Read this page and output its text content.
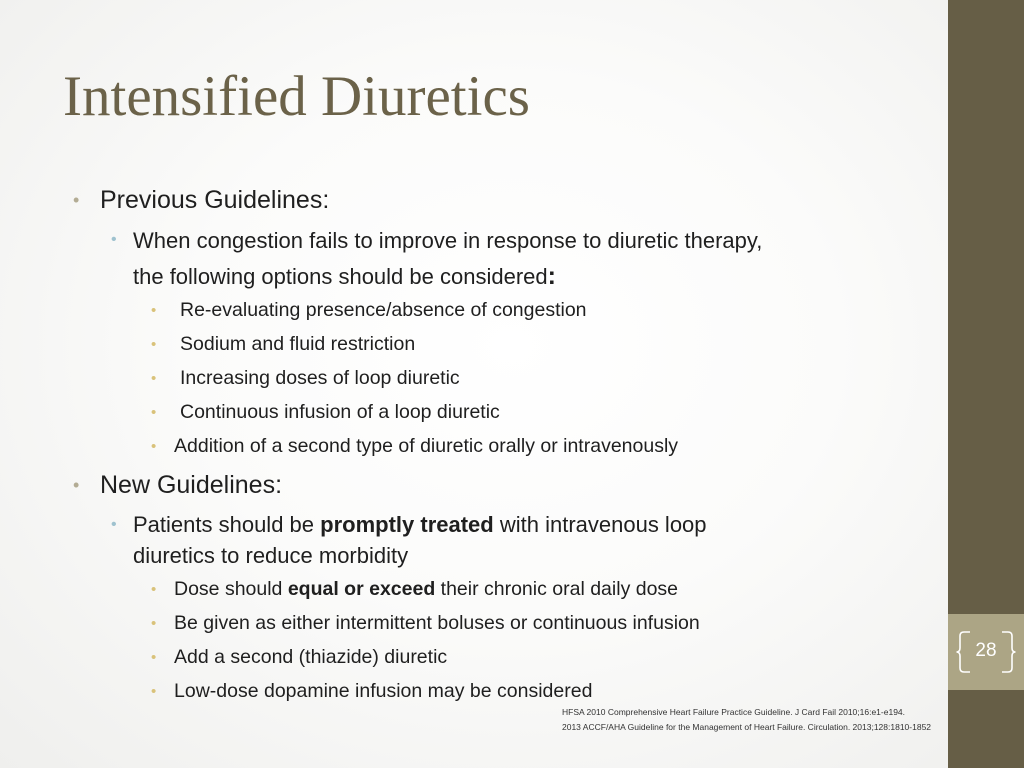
28
Intensified Diuretics
• Previous Guidelines:
• When congestion fails to improve in response to diuretic therapy,
the following options should be considered:
• Re-evaluating presence/absence of congestion
• Sodium and fluid restriction
• Increasing doses of loop diuretic
• Continuous infusion of a loop diuretic
• Addition of a second type of diuretic orally or intravenously
• New Guidelines:
• Patients should be promptly treated with intravenous loop
diuretics to reduce morbidity
• Dose should equal or exceed their chronic oral daily dose
• Be given as either intermittent boluses or continuous infusion
• Add a second (thiazide) diuretic
• Low-dose dopamine infusion may be considered
HFSA 2010 Comprehensive Heart Failure Practice Guideline. J Card Fail 2010;16:e1-e194.
2013 ACCF/AHA Guideline for the Management of Heart Failure. Circulation. 2013;128:1810-1852
